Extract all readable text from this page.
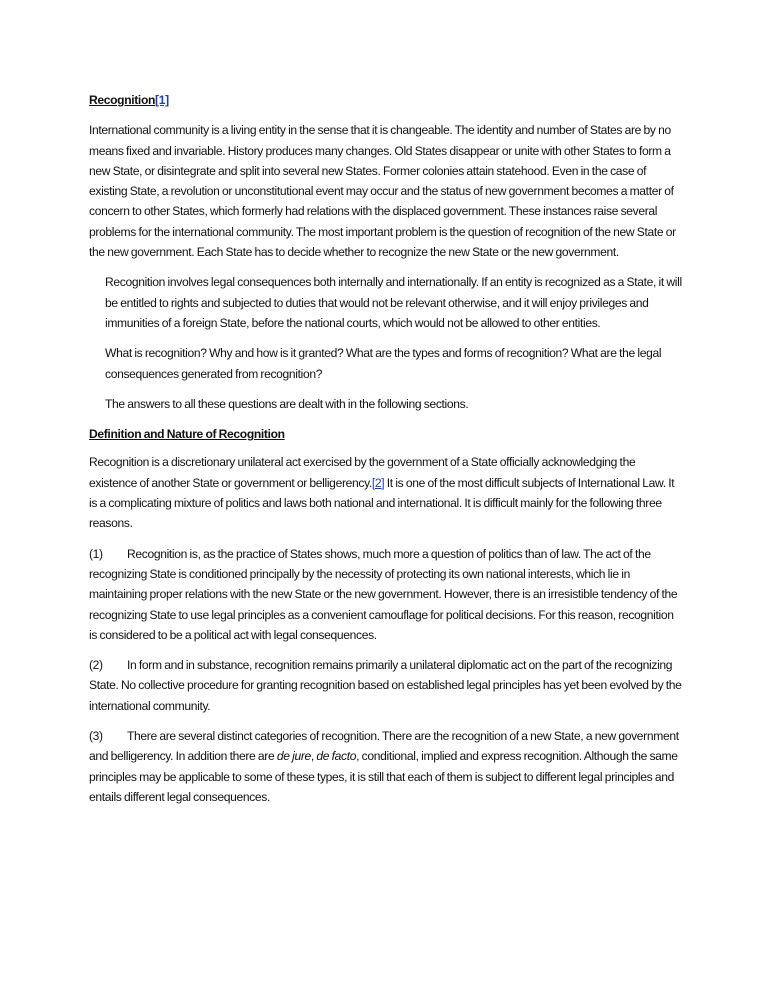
Recognition[1]

International community is a living entity in the sense that it is changeable. The identity and number of States are by no means fixed and invariable. History produces many changes. Old States disappear or unite with other States to form a new State, or disintegrate and split into several new States. Former colonies attain statehood. Even in the case of existing State, a revolution or unconstitutional event may occur and the status of new government becomes a matter of concern to other States, which formerly had relations with the displaced government. These instances raise several problems for the international community. The most important problem is the question of recognition of the new State or the new government. Each State has to decide whether to recognize the new State or the new government.

Recognition involves legal consequences both internally and internationally. If an entity is recognized as a State, it will be entitled to rights and subjected to duties that would not be relevant otherwise, and it will enjoy privileges and immunities of a foreign State, before the national courts, which would not be allowed to other entities.

What is recognition? Why and how is it granted? What are the types and forms of recognition? What are the legal consequences generated from recognition?

The answers to all these questions are dealt with in the following sections.

Definition and Nature of Recognition

Recognition is a discretionary unilateral act exercised by the government of a State officially acknowledging the existence of another State or government or belligerency.[2] It is one of the most difficult subjects of International Law. It is a complicating mixture of politics and laws both national and international. It is difficult mainly for the following three reasons.

(1) Recognition is, as the practice of States shows, much more a question of politics than of law. The act of the recognizing State is conditioned principally by the necessity of protecting its own national interests, which lie in maintaining proper relations with the new State or the new government. However, there is an irresistible tendency of the recognizing State to use legal principles as a convenient camouflage for political decisions. For this reason, recognition is considered to be a political act with legal consequences.

(2) In form and in substance, recognition remains primarily a unilateral diplomatic act on the part of the recognizing State. No collective procedure for granting recognition based on established legal principles has yet been evolved by the international community.

(3) There are several distinct categories of recognition. There are the recognition of a new State, a new government and belligerency. In addition there are de jure, de facto, conditional, implied and express recognition. Although the same principles may be applicable to some of these types, it is still that each of them is subject to different legal principles and entails different legal consequences.
